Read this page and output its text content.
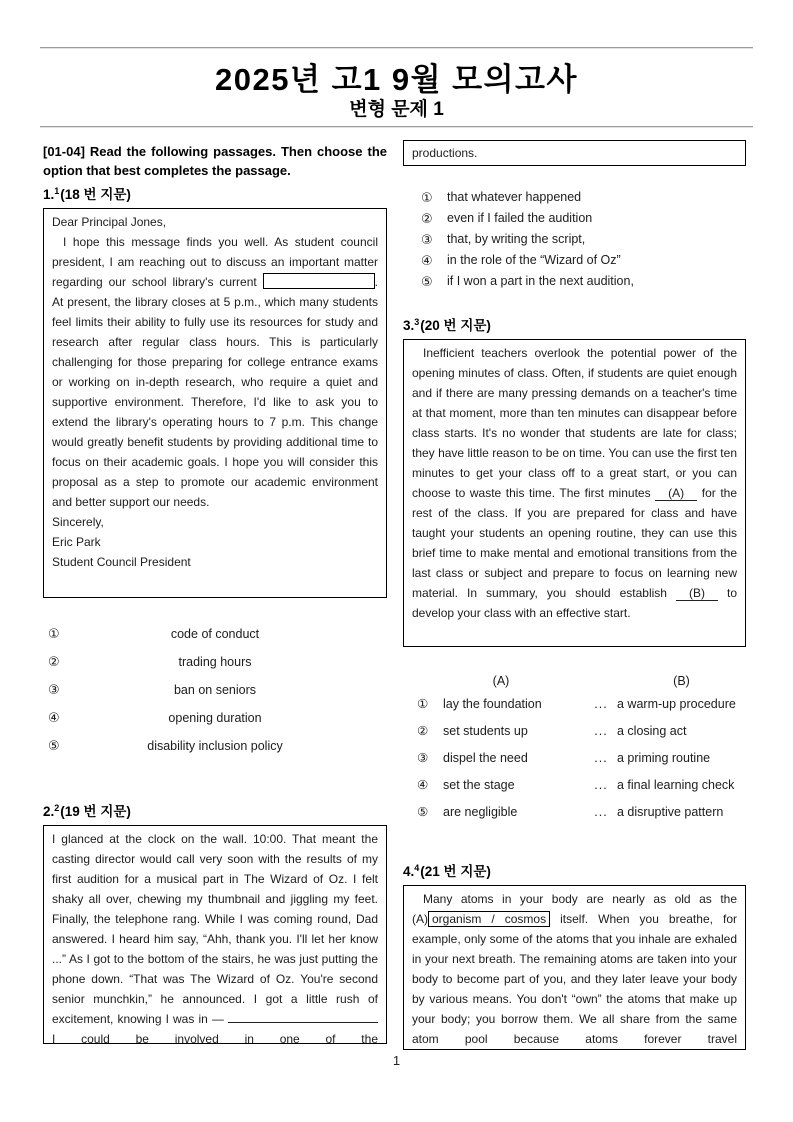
2025년 고1 9월 모의고사
변형 문제 1
[01-04] Read the following passages. Then choose the option that best completes the passage.
1.$^1$(18 번 지문)

Dear Principal Jones,

I hope this message finds you well. As student council president, I am reaching out to discuss an important matter regarding our school library's current	. At present, the library closes at 5 p.m., which many students feel limits their ability to fully use its resources for study and research after regular class hours. This is particularly challenging for those preparing for college entrance exams or working on in-depth research, who require a quiet and supportive environment. Therefore, I'd like to ask you to extend the library's operating hours to 7 p.m. This change would greatly benefit students by providing additional time to focus on their academic goals. I hope you will consider this proposal as a step to promote our academic environment and better support our needs.

Sincerely,

Eric Park

Student Council President

①	code of conduct
②	trading hours
③	ban on seniors
④	opening duration
⑤	disability inclusion policy
2.$^2$(19 번 지문)

I glanced at the clock on the wall. 10:00. That meant the casting director would call very soon with the results of my first audition for a musical part in The Wizard of Oz. I felt shaky all over, chewing my thumbnail and jiggling my feet. Finally, the telephone rang. While I was coming round, Dad answered. I heard him say, “Ahh, thank you. I'll let her know ...” As I got to the bottom of the stairs, he was just putting the phone down. “That was The Wizard of Oz. You're second senior munchkin,” he announced. I got a little rush of excitement, knowing I was in —  I could be involved in one of the

productions.

①	that whatever happened
②	even if I failed the audition
③	that, by writing the script,
④	in the role of the “Wizard of Oz”
⑤	if I won a part in the next audition,
3.$^3$(20 번 지문)

Inefficient teachers overlook the potential power of the opening minutes of class. Often, if students are quiet enough and if there are many pressing demands on a teacher's time at that moment, more than ten minutes can disappear before class starts. It's no wonder that students are late for class; they have little reason to be on time. You can use the first ten minutes to get your class off to a great start, or you can choose to waste this time. The first minutes (A) for the rest of the class. If you are prepared for class and have taught your students an opening routine, they can use this brief time to make mental and emotional transitions from the last class or subject and prepare to focus on learning new material. In summary, you should establish (B) to develop your class with an effective start.

(A)	(B)
①	lay the foundation	... a warm-up procedure
②	set students up	... a closing act
③	dispel the need	... a priming routine
④	set the stage	... a final learning check
⑤	are negligible	... a disruptive pattern
4.$^4$(21 번 지문)

Many atoms in your body are nearly as old as the (A) organism / cosmos itself. When you breathe, for example, only some of the atoms that you inhale are exhaled in your next breath. The remaining atoms are taken into your body to become part of you, and they later leave your body by various means. You don't “own” the atoms that make up your body; you borrow them. We all share from the same atom pool because atoms forever travel

1
